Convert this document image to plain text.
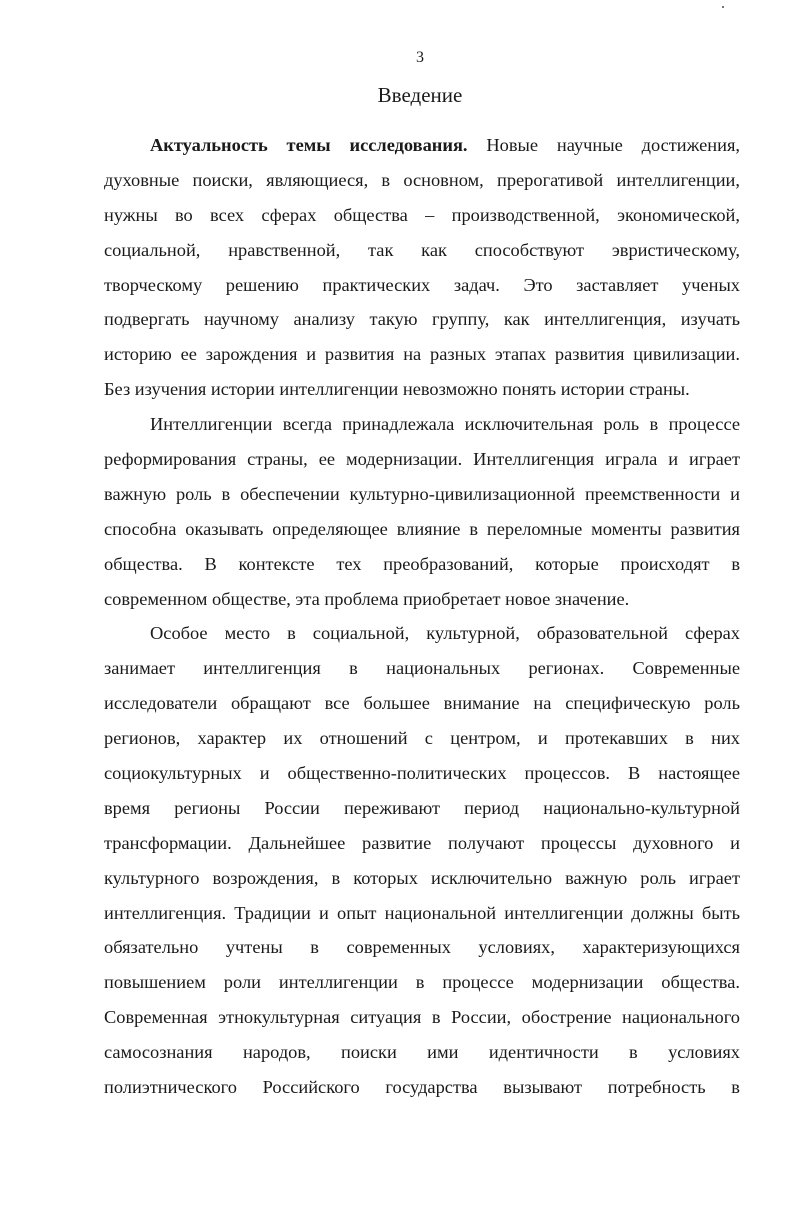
3
Введение
Актуальность темы исследования. Новые научные достижения,
духовные поиски, являющиеся, в основном, прерогативой интеллигенции,
нужны во всех сферах общества – производственной, экономической,
социальной, нравственной, так как способствуют эвристическому,
творческому решению практических задач. Это заставляет ученых
подвергать научному анализу такую группу, как интеллигенция, изучать
историю ее зарождения и развития на разных этапах развития цивилизации.
Без изучения истории интеллигенции невозможно понять истории страны.
Интеллигенции всегда принадлежала исключительная роль в процессе
реформирования страны, ее модернизации. Интеллигенция играла и играет
важную роль в обеспечении культурно-цивилизационной преемственности и
способна оказывать определяющее влияние в переломные моменты развития
общества. В контексте тех преобразований, которые происходят в
современном обществе, эта проблема приобретает новое значение.
Особое место в социальной, культурной, образовательной сферах
занимает интеллигенция в национальных регионах. Современные
исследователи обращают все большее внимание на специфическую роль
регионов, характер их отношений с центром, и протекавших в них
социокультурных и общественно-политических процессов. В настоящее
время регионы России переживают период национально-культурной
трансформации. Дальнейшее развитие получают процессы духовного и
культурного возрождения, в которых исключительно важную роль играет
интеллигенция. Традиции и опыт национальной интеллигенции должны быть
обязательно учтены в современных условиях, характеризующихся
повышением роли интеллигенции в процессе модернизации общества.
Современная этнокультурная ситуация в России, обострение национального
самосознания народов, поиски ими идентичности в условиях
полиэтнического Российского государства вызывают потребность в
